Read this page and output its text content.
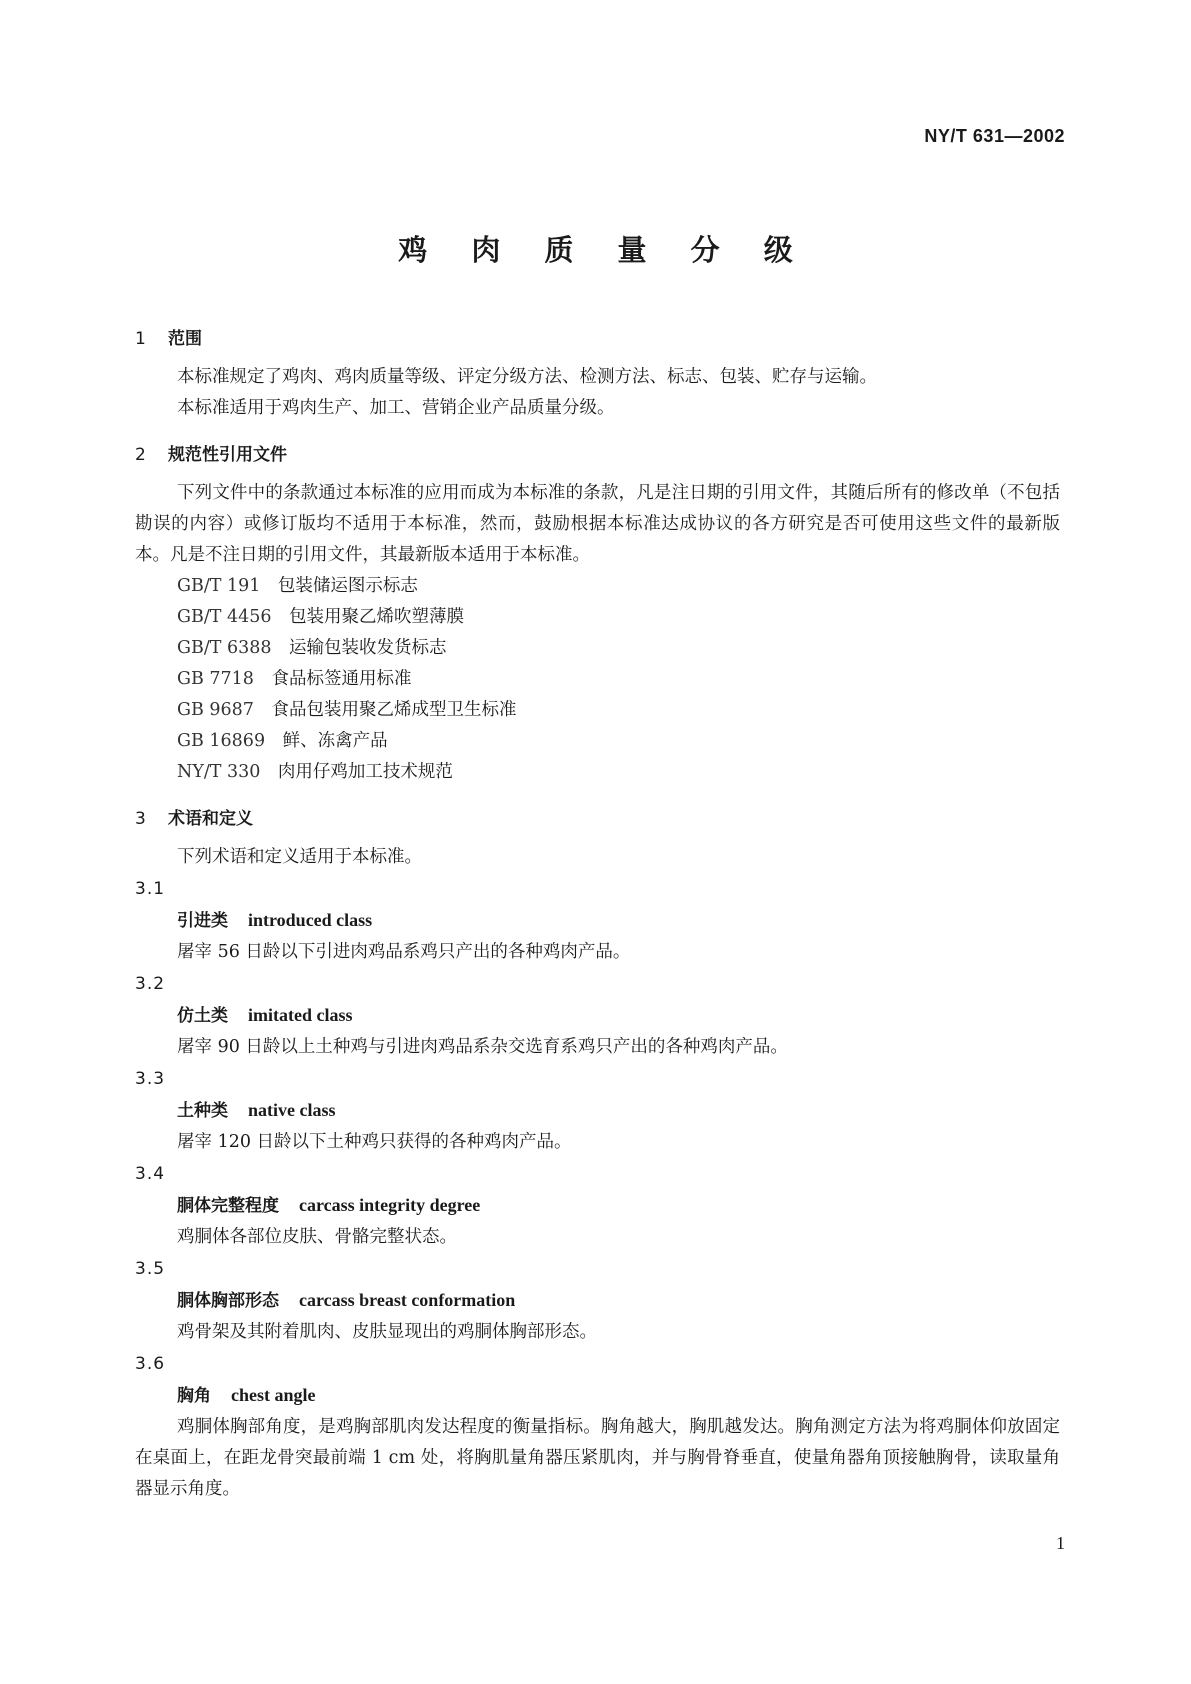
NY/T 631—2002
鸡 肉 质 量 分 级
1 范围

本标准规定了鸡肉、鸡肉质量等级、评定分级方法、检测方法、标志、包装、贮存与运输。

本标准适用于鸡肉生产、加工、营销企业产品质量分级。

2 规范性引用文件

下列文件中的条款通过本标准的应用而成为本标准的条款，凡是注日期的引用文件，其随后所有的修改单（不包括勘误的内容）或修订版均不适用于本标准，然而，鼓励根据本标准达成协议的各方研究是否可使用这些文件的最新版本。凡是不注日期的引用文件，其最新版本适用于本标准。

GB/T 191　 包装储运图示标志
GB/T 4456　 包装用聚乙烯吹塑薄膜
GB/T 6388　 运输包装收发货标志
GB 7718　 食品标签通用标准
GB 9687　 食品包装用聚乙烯成型卫生标准
GB 16869　 鲜、冻禽产品
NY/T 330　 肉用仔鸡加工技术规范
3 术语和定义

下列术语和定义适用于本标准。

3.1
引进类 introduced class

屠宰 56 日龄以下引进肉鸡品系鸡只产出的各种鸡肉产品。

3.2
仿土类 imitated class

屠宰 90 日龄以上土种鸡与引进肉鸡品系杂交选育系鸡只产出的各种鸡肉产品。

3.3
土种类 native class

屠宰 120 日龄以下土种鸡只获得的各种鸡肉产品。

3.4
胴体完整程度 carcass integrity degree

鸡胴体各部位皮肤、骨骼完整状态。

3.5
胴体胸部形态 carcass breast conformation

鸡骨架及其附着肌肉、皮肤显现出的鸡胴体胸部形态。

3.6
胸角 chest angle

鸡胴体胸部角度，是鸡胸部肌肉发达程度的衡量指标。胸角越大，胸肌越发达。胸角测定方法为将鸡胴体仰放固定在桌面上，在距龙骨突最前端 1 cm 处，将胸肌量角器压紧肌肉，并与胸骨脊垂直，使量角器角顶接触胸骨，读取量角器显示角度。

1
